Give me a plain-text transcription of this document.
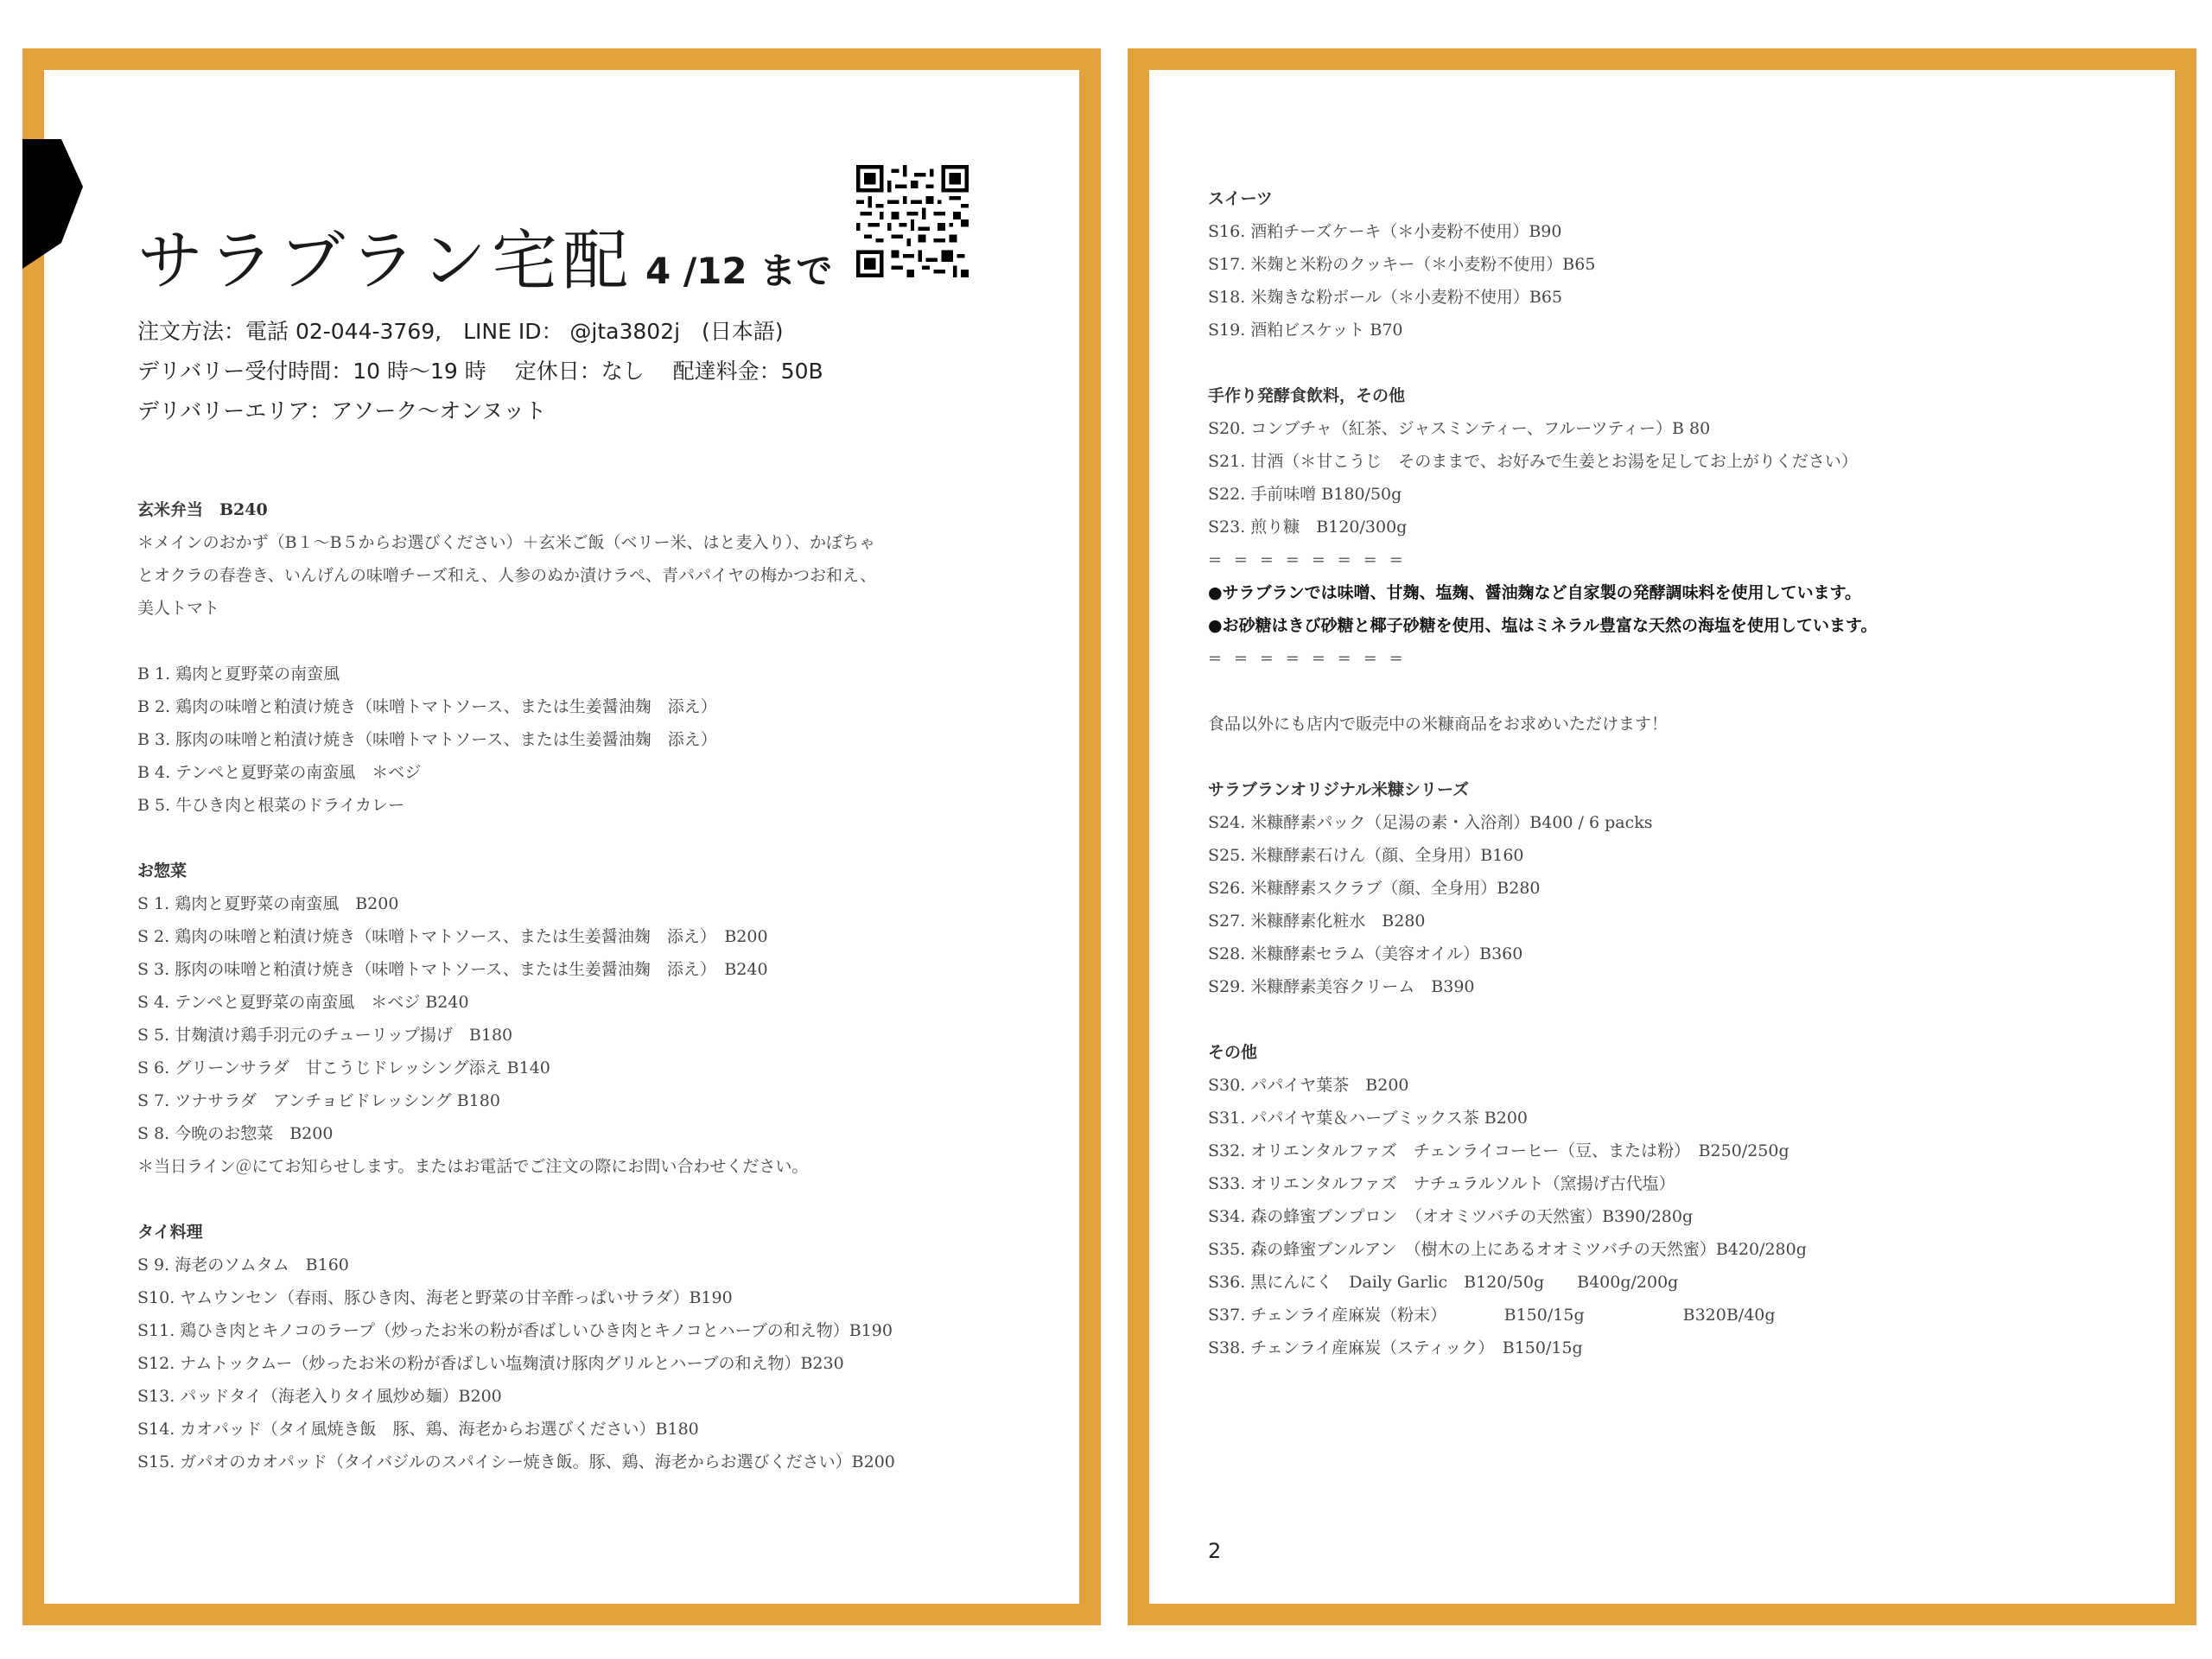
サラブラン宅配 4 /12 まで
注文方法：電話 02-044-3769,　LINE ID： @jta3802j　(日本語)
デリバリー受付時間：10 時〜19 時　 定休日：なし　 配達料金：50B
デリバリーエリア：アソーク〜オンヌット
玄米弁当　B240
＊メインのおかず（B１〜B５からお選びください）＋玄米ご飯（ベリー米、はと麦入り）、かぼちゃ
とオクラの春巻き、いんげんの味噌チーズ和え、人参のぬか漬けラペ、青パパイヤの梅かつお和え、
美人トマト
B 1. 鶏肉と夏野菜の南蛮風
B 2. 鶏肉の味噌と粕漬け焼き（味噌トマトソース、または生姜醤油麹　添え）
B 3. 豚肉の味噌と粕漬け焼き（味噌トマトソース、または生姜醤油麹　添え）
B 4. テンペと夏野菜の南蛮風　＊ベジ
B 5. 牛ひき肉と根菜のドライカレー
お惣菜
S 1. 鶏肉と夏野菜の南蛮風　B200
S 2. 鶏肉の味噌と粕漬け焼き（味噌トマトソース、または生姜醤油麹　添え）　B200
S 3. 豚肉の味噌と粕漬け焼き（味噌トマトソース、または生姜醤油麹　添え）　B240
S 4. テンペと夏野菜の南蛮風　＊ベジ B240
S 5. 甘麹漬け鶏手羽元のチューリップ揚げ　B180
S 6. グリーンサラダ　甘こうじドレッシング添え B140
S 7. ツナサラダ　アンチョビドレッシング B180
S 8. 今晩のお惣菜　B200
＊当日ライン＠にてお知らせします。またはお電話でご注文の際にお問い合わせください。
タイ料理
S 9. 海老のソムタム　B160
S10. ヤムウンセン（春雨、豚ひき肉、海老と野菜の甘辛酢っぱいサラダ）B190
S11. 鶏ひき肉とキノコのラープ（炒ったお米の粉が香ばしいひき肉とキノコとハーブの和え物）B190
S12. ナムトックムー（炒ったお米の粉が香ばしい塩麹漬け豚肉グリルとハーブの和え物）B230
S13. パッドタイ（海老入りタイ風炒め麺）B200
S14. カオパッド（タイ風焼き飯　豚、鶏、海老からお選びください）B180
S15. ガパオのカオパッド（タイバジルのスパイシー焼き飯。豚、鶏、海老からお選びください）B200
スイーツ
S16. 酒粕チーズケーキ（＊小麦粉不使用）B90
S17. 米麹と米粉のクッキー（＊小麦粉不使用）B65
S18. 米麹きな粉ボール（＊小麦粉不使用）B65
S19. 酒粕ビスケット B70
手作り発酵食飲料，その他
S20. コンブチャ（紅茶、ジャスミンティー、フルーツティー）B 80
S21. 甘酒（＊甘こうじ　そのままで、お好みで生姜とお湯を足してお上がりください）
S22. 手前味噌 B180/50g
S23. 煎り糠　B120/300g
= = = = = = = =
●サラブランでは味噌、甘麹、塩麹、醤油麹など自家製の発酵調味料を使用しています。
●お砂糖はきび砂糖と椰子砂糖を使用、塩はミネラル豊富な天然の海塩を使用しています。
= = = = = = = =
食品以外にも店内で販売中の米糠商品をお求めいただけます！
サラブランオリジナル米糠シリーズ
S24. 米糠酵素パック（足湯の素・入浴剤）B400 / 6 packs
S25. 米糠酵素石けん（顔、全身用）B160
S26. 米糠酵素スクラブ（顔、全身用）B280
S27. 米糠酵素化粧水　B280
S28. 米糠酵素セラム（美容オイル）B360
S29. 米糠酵素美容クリーム　B390
その他
S30. パパイヤ葉茶　B200
S31. パパイヤ葉＆ハーブミックス茶 B200
S32. オリエンタルファズ　チェンライコーヒー（豆、または粉）　B250/250g
S33. オリエンタルファズ　ナチュラルソルト（窯揚げ古代塩）
S34. 森の蜂蜜ブンプロン　（オオミツバチの天然蜜）B390/280g
S35. 森の蜂蜜ブンルアン　（樹木の上にあるオオミツバチの天然蜜）B420/280g
S36. 黒にんにく　Daily Garlic　B120/50g　　B400g/200g
S37. チェンライ産麻炭（粉末）　　　　B150/15g　　　　　　B320B/40g
S38. チェンライ産麻炭（スティック）　B150/15g
2
